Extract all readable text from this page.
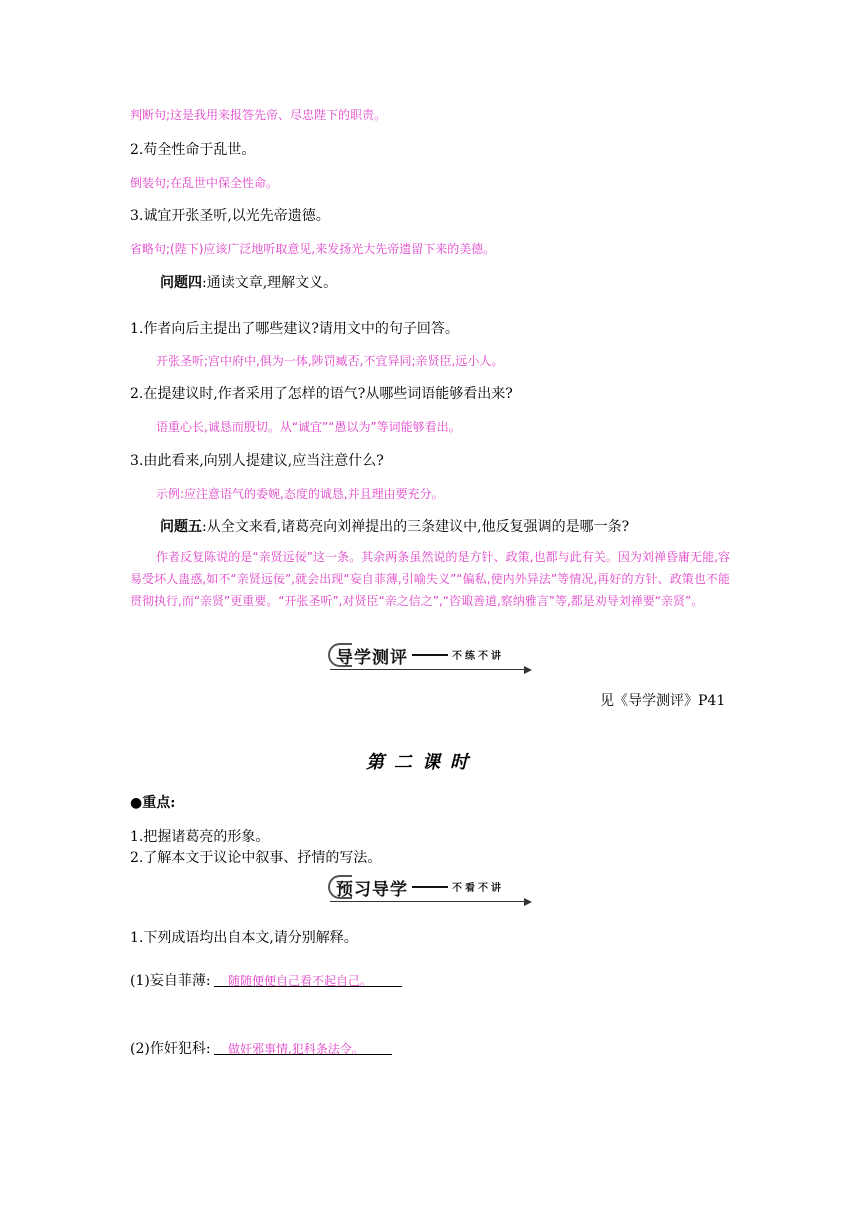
判断句;这是我用来报答先帝、尽忠陛下的职责。
2.苟全性命于乱世。
倒装句;在乱世中保全性命。
3.诚宜开张圣听,以光先帝遗德。
省略句;(陛下)应该广泛地听取意见,来发扬光大先帝遗留下来的美德。
问题四:通读文章,理解文义。
1.作者向后主提出了哪些建议?请用文中的句子回答。
开张圣听;宫中府中,俱为一体,陟罚臧否,不宜异同;亲贤臣,远小人。
2.在提建议时,作者采用了怎样的语气?从哪些词语能够看出来?
语重心长,诚恳而殷切。从“诚宜”“愚以为”等词能够看出。
3.由此看来,向别人提建议,应当注意什么?
示例:应注意语气的委婉,态度的诚恳,并且理由要充分。
问题五:从全文来看,诸葛亮向刘禅提出的三条建议中,他反复强调的是哪一条?
作者反复陈说的是“亲贤远佞”这一条。其余两条虽然说的是方针、政策,也都与此有关。因为刘禅昏庸无能,容易受坏人蛊惑,如不“亲贤远佞”,就会出现“妄自菲薄,引喻失义”“偏私,使内外异法”等情况,再好的方针、政策也不能贯彻执行,而“亲贤”更重要。“开张圣听”,对贤臣“亲之信之”,“咨诹善道,察纳雅言”等,都是劝导刘禅要“亲贤”。
导学测评	不练不讲
见《导学测评》P41
第二课时
●重点:
1.把握诸葛亮的形象。
2.了解本文于议论中叙事、抒情的写法。
预习导学	不看不讲
1.下列成语均出自本文,请分别解释。
(1)妄自菲薄:	随随便便自己看不起自己。
(2)作奸犯科:	做奸邪事情,犯科条法令。
